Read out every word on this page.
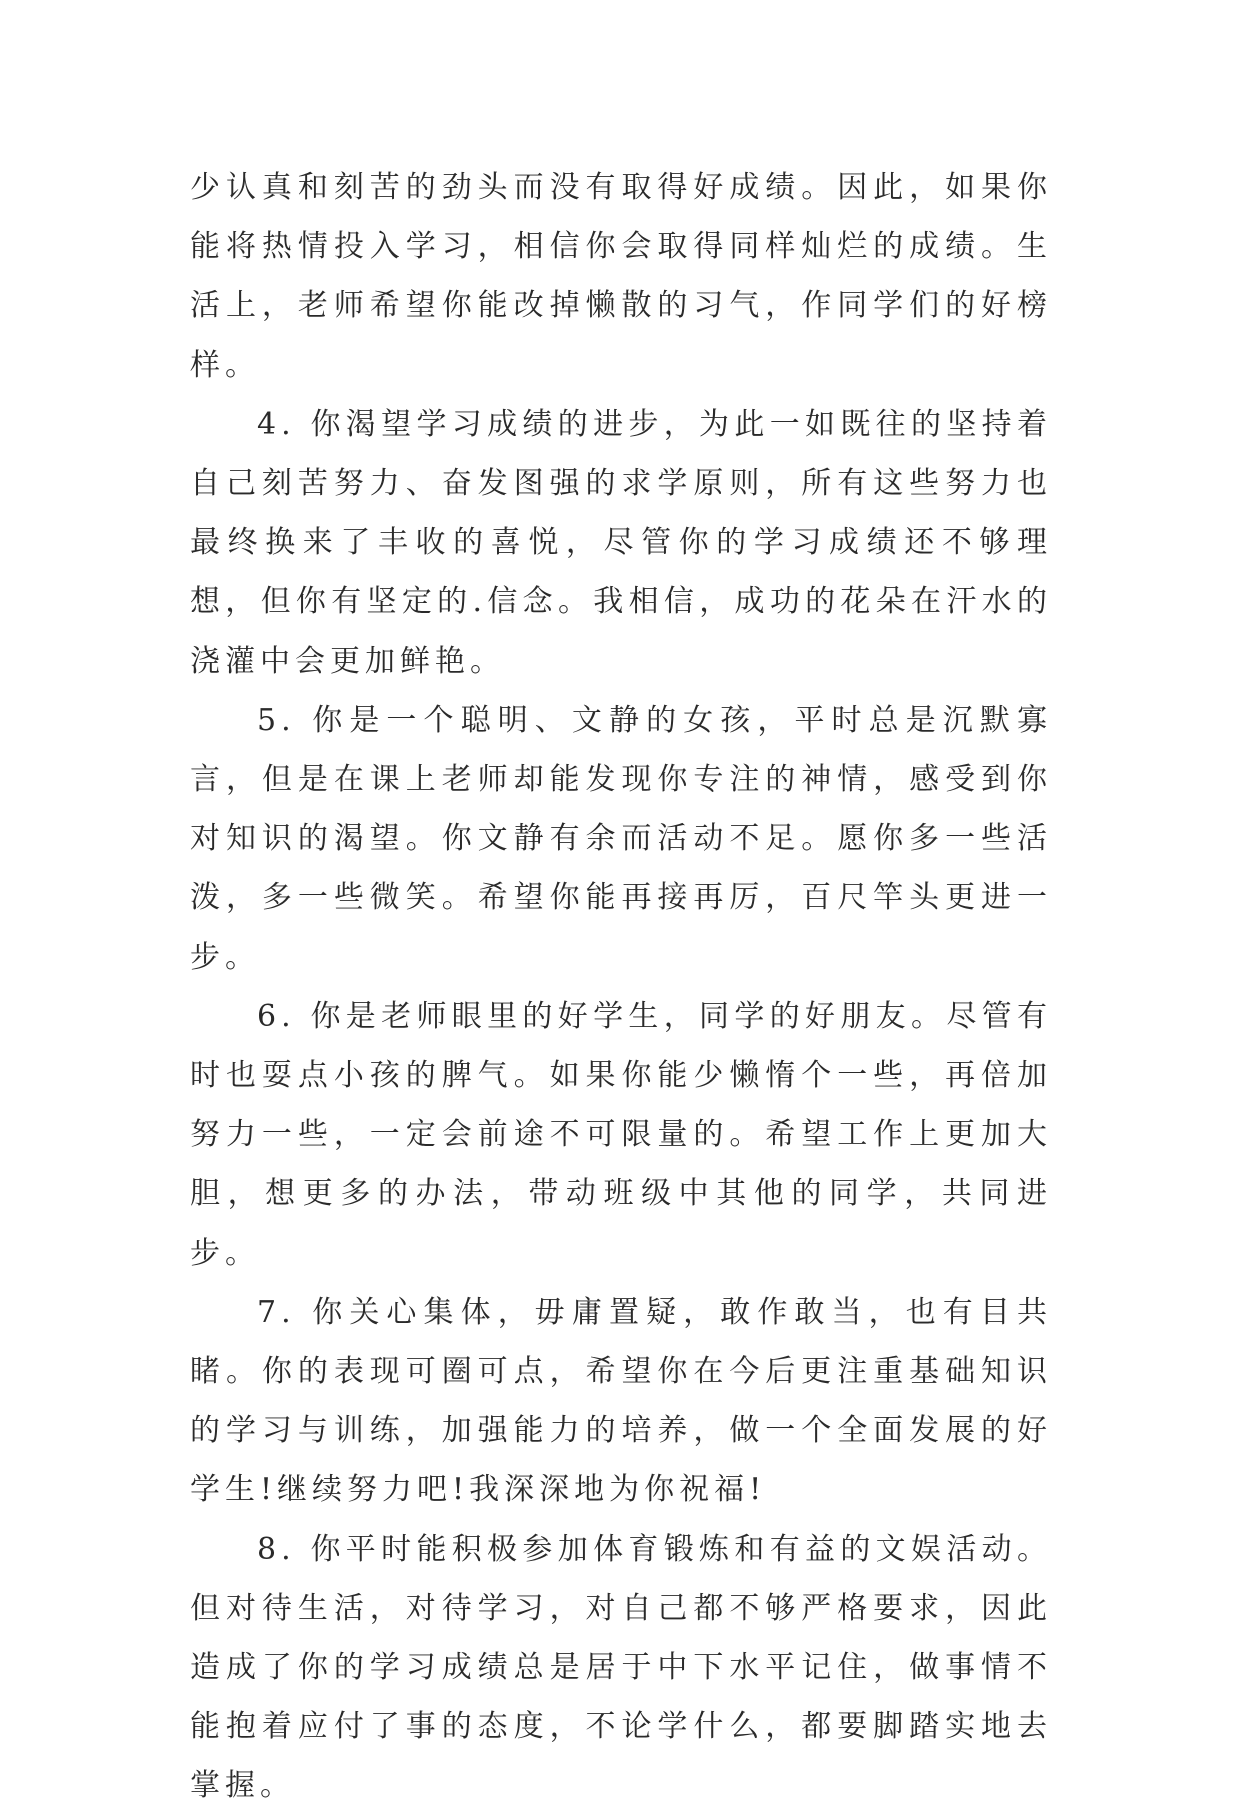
少认真和刻苦的劲头而没有取得好成绩。因此，如果你能将热情投入学习，相信你会取得同样灿烂的成绩。生活上，老师希望你能改掉懒散的习气，作同学们的好榜样。

4. 你渴望学习成绩的进步，为此一如既往的坚持着自己刻苦努力、奋发图强的求学原则，所有这些努力也最终换来了丰收的喜悦，尽管你的学习成绩还不够理想，但你有坚定的.信念。我相信，成功的花朵在汗水的浇灌中会更加鲜艳。

5. 你是一个聪明、文静的女孩，平时总是沉默寡言，但是在课上老师却能发现你专注的神情，感受到你对知识的渴望。你文静有余而活动不足。愿你多一些活泼，多一些微笑。希望你能再接再厉，百尺竿头更进一步。

6. 你是老师眼里的好学生，同学的好朋友。尽管有时也耍点小孩的脾气。如果你能少懒惰个一些，再倍加努力一些，一定会前途不可限量的。希望工作上更加大胆，想更多的办法，带动班级中其他的同学，共同进步。

7. 你关心集体，毋庸置疑，敢作敢当，也有目共睹。你的表现可圈可点，希望你在今后更注重基础知识的学习与训练，加强能力的培养，做一个全面发展的好学生!继续努力吧!我深深地为你祝福!

8. 你平时能积极参加体育锻炼和有益的文娱活动。但对待生活，对待学习，对自己都不够严格要求，因此造成了你的学习成绩总是居于中下水平记住，做事情不能抱着应付了事的态度，不论学什么，都要脚踏实地去掌握。
